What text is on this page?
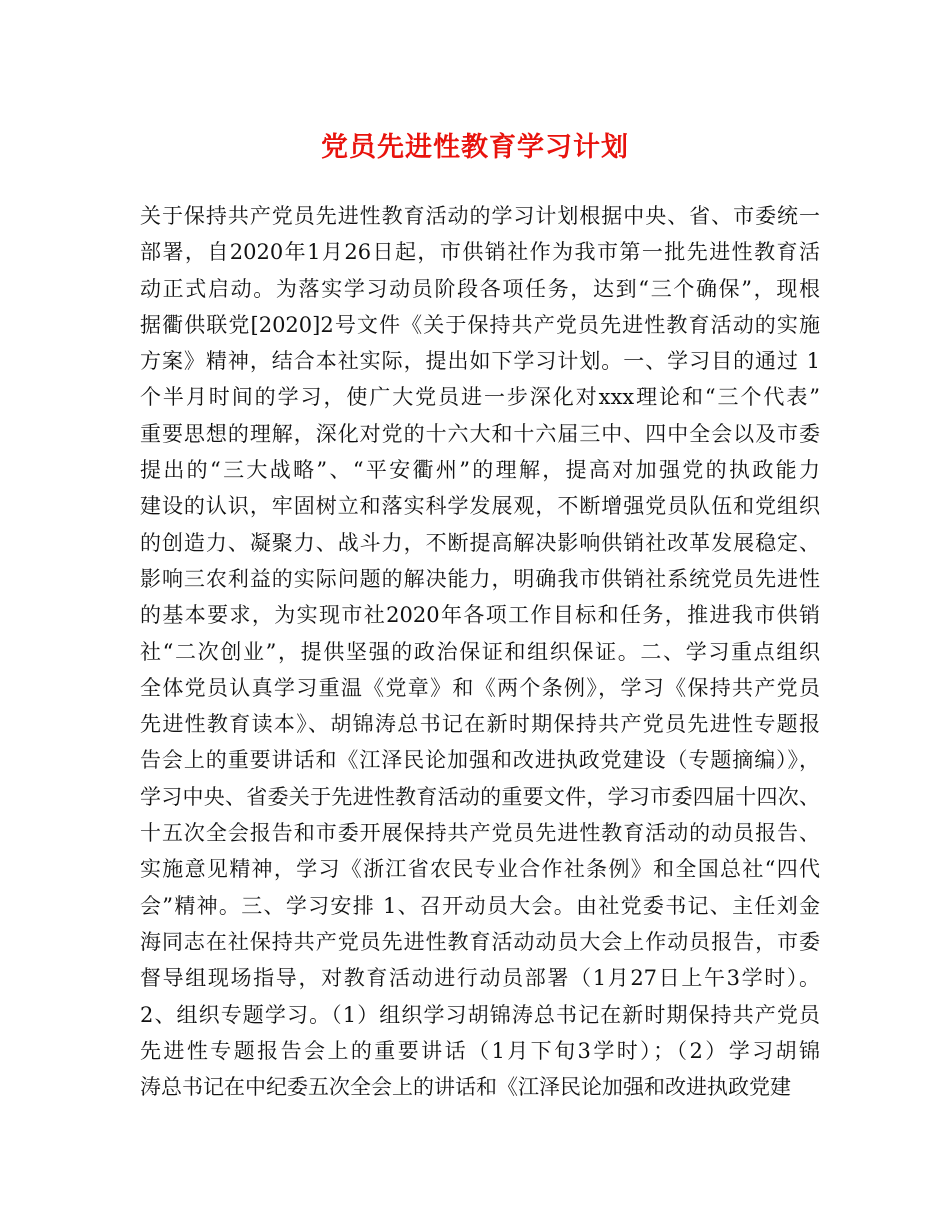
党员先进性教育学习计划
关于保持共产党员先进性教育活动的学习计划根据中央、省、市委统一
部署，自2020年1月26日起，市供销社作为我市第一批先进性教育活
动正式启动。为落实学习动员阶段各项任务，达到“三个确保”，现根
据衢供联党[2020]2号文件《关于保持共产党员先进性教育活动的实施
方案》精神，结合本社实际，提出如下学习计划。一、学习目的通过 1
个半月时间的学习，使广大党员进一步深化对xxx理论和“三个代表”
重要思想的理解，深化对党的十六大和十六届三中、四中全会以及市委
提出的“三大战略”、“平安衢州”的理解，提高对加强党的执政能力
建设的认识，牢固树立和落实科学发展观，不断增强党员队伍和党组织
的创造力、凝聚力、战斗力，不断提高解决影响供销社改革发展稳定、
影响三农利益的实际问题的解决能力，明确我市供销社系统党员先进性
的基本要求，为实现市社2020年各项工作目标和任务，推进我市供销
社“二次创业”，提供坚强的政治保证和组织保证。二、学习重点组织
全体党员认真学习重温《党章》和《两个条例》，学习《保持共产党员
先进性教育读本》、胡锦涛总书记在新时期保持共产党员先进性专题报
告会上的重要讲话和《江泽民论加强和改进执政党建设（专题摘编）》，
学习中央、省委关于先进性教育活动的重要文件，学习市委四届十四次、
十五次全会报告和市委开展保持共产党员先进性教育活动的动员报告、
实施意见精神，学习《浙江省农民专业合作社条例》和全国总社“四代
会”精神。三、学习安排 1、召开动员大会。由社党委书记、主任刘金
海同志在社保持共产党员先进性教育活动动员大会上作动员报告，市委
督导组现场指导，对教育活动进行动员部署（1月27日上午3学时）。
2、组织专题学习。（1）组织学习胡锦涛总书记在新时期保持共产党员
先进性专题报告会上的重要讲话（1月下旬3学时）；（2）学习胡锦
涛总书记在中纪委五次全会上的讲话和《江泽民论加强和改进执政党建
